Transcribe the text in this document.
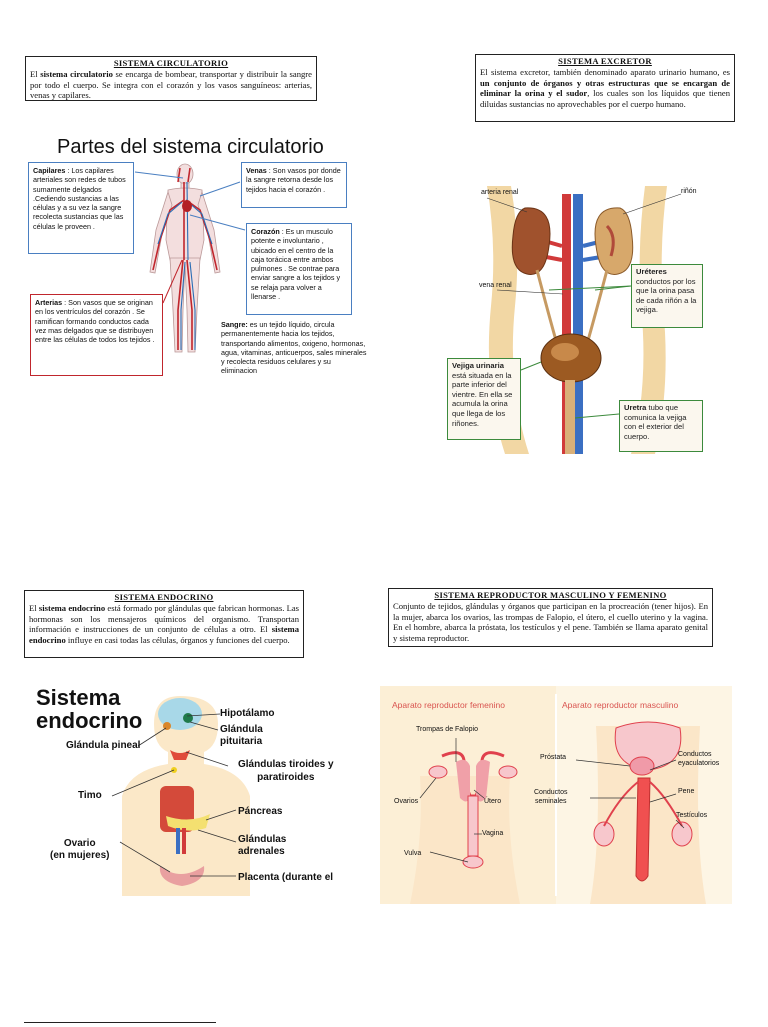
SISTEMA CIRCULATORIO
El sistema circulatorio se encarga de bombear, transportar y distribuir la sangre por todo el cuerpo. Se integra con el corazón y los vasos sanguíneos: arterias, venas y capilares.
SISTEMA EXCRETOR
El sistema excretor, también denominado aparato urinario humano, es un conjunto de órganos y otras estructuras que se encargan de eliminar la orina y el sudor, los cuales son los líquidos que tienen diluidas sustancias no aprovechables por el cuerpo humano.
Partes del sistema circulatorio
Capilares : Los capilares arteriales son redes de tubos sumamente delgados .Cediendo sustancias a las células y a su vez la sangre recolecta sustancias que las células le proveen .
Venas : Son vasos por donde la sangre retorna desde los tejidos hacia el corazón .
Corazón : Es un musculo potente e involuntario , ubicado en el centro de la caja torácica entre ambos pulmones . Se contrae para enviar sangre a los tejidos y se relaja para volver a llenarse .
Arterias : Son vasos que se originan en los ventrículos del corazón . Se ramifican formando conductos cada vez mas delgados que se distribuyen entre las células de todos los tejidos .
Sangre: es un tejido líquido, circula permanentemente hacia los tejidos, transportando alimentos, oxigeno, hormonas, agua, vitaminas, anticuerpos, sales minerales y recolecta residuos celulares y su eliminacion
arteria renal	riñón
vena renal
Uréteres conductos por los que la orina pasa de cada riñón a la vejiga.
Vejiga urinaria está situada en la parte inferior del vientre. En ella se acumula la orina que llega de los riñones.
Uretra tubo que comunica la vejiga con el exterior del cuerpo.
SISTEMA ENDOCRINO
El sistema endocrino está formado por glándulas que fabrican hormonas. Las hormonas son los mensajeros químicos del organismo. Transportan información e instrucciones de un conjunto de células a otro. El sistema endocrino influye en casi todas las células, órganos y funciones del cuerpo.
SISTEMA REPRODUCTOR MASCULINO Y FEMENINO
Conjunto de tejidos, glándulas y órganos que participan en la procreación (tener hijos). En la mujer, abarca los ovarios, las trompas de Falopio, el útero, el cuello uterino y la vagina. En el hombre, abarca la próstata, los testículos y el pene. También se llama aparato genital y sistema reproductor.
Sistema
endocrino	Hipotálamo
Glándula
pituitaria
Glándula pineal
Glándulas tiroides y
paratiroides
Timo
Páncreas
Glándulas
adrenales
Ovario
(en mujeres)
Placenta (durante el
Aparato reproductor femenino	Aparato reproductor masculino
Trompas de Falopio
Ovarios	Útero
Vagina
Vulva
Próstata	Conductos
eyaculatorios
Conductos
seminales
Pene
Testículos
